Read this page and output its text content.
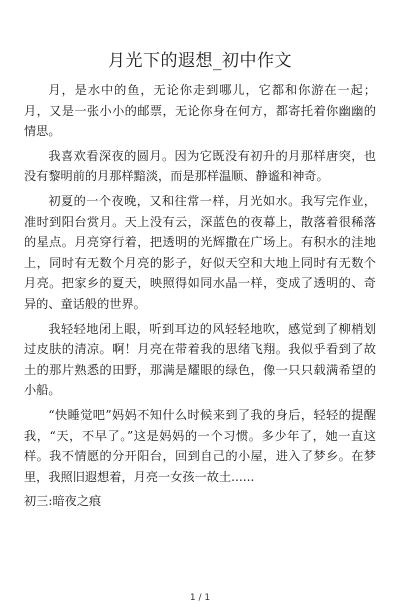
月光下的遐想_初中作文

月，是水中的鱼，无论你走到哪儿，它都和你游在一起；月，又是一张小小的邮票，无论你身在何方，都寄托着你幽幽的情思。

我喜欢看深夜的圆月。因为它既没有初升的月那样唐突，也没有黎明前的月那样黯淡，而是那样温顺、静谧和神奇。

初夏的一个夜晚，又和往常一样，月光如水。我写完作业，准时到阳台赏月。天上没有云，深蓝色的夜幕上，散落着很稀落的星点。月亮穿行着，把透明的光辉撒在广场上。有积水的洼地上，同时有无数个月亮的影子，好似天空和大地上同时有无数个月亮。把家乡的夏天，映照得如同水晶一样，变成了透明的、奇异的、童话般的世界。

我轻轻地闭上眼，听到耳边的风轻轻地吹，感觉到了柳梢划过皮肤的清凉。啊！月亮在带着我的思绪飞翔。我似乎看到了故土的那片熟悉的田野，那满是耀眼的绿色，像一只只载满希望的小船。

“快睡觉吧”妈妈不知什么时候来到了我的身后，轻轻的提醒我，“天，不早了。”这是妈妈的一个习惯。多少年了，她一直这样。我不情愿的分开阳台，回到自己的小屋，进入了梦乡。在梦里，我照旧遐想着，月亮一女孩一故土......

初三:暗夜之痕

1 / 1
